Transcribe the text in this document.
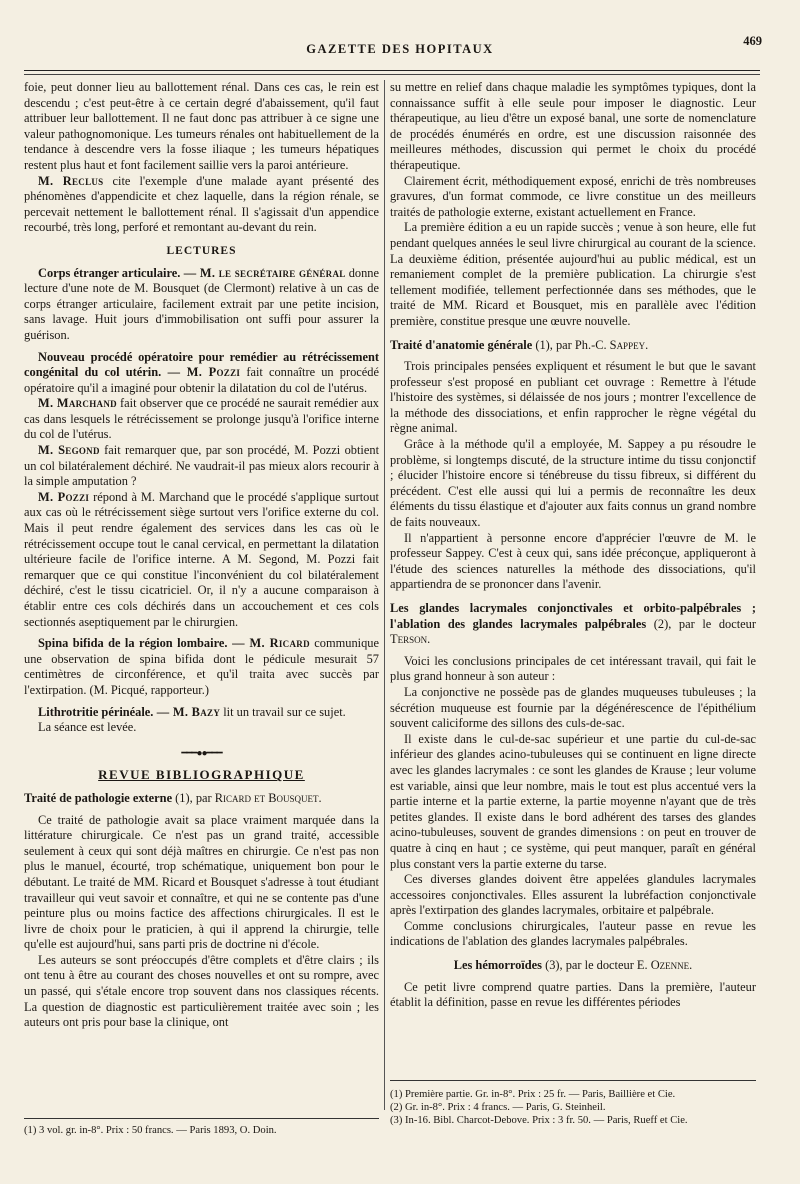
GAZETTE DES HOPITAUX
469

foie, peut donner lieu au ballottement rénal. Dans ces cas, le rein est descendu ; c'est peut-être à ce certain degré d'abaissement, qu'il faut attribuer leur ballottement. Il ne faut donc pas attribuer à ce signe une valeur pathognomonique. Les tumeurs rénales ont habituellement de la tendance à descendre vers la fosse iliaque ; les tumeurs hépatiques restent plus haut et font facilement saillie vers la paroi antérieure.

M. Reclus cite l'exemple d'une malade ayant présenté des phénomènes d'appendicite et chez laquelle, dans la région rénale, se percevait nettement le ballottement rénal. Il s'agissait d'un appendice recourbé, très long, perforé et remontant au-devant du rein.

LECTURES

Corps étranger articulaire. — M. le secrétaire général donne lecture d'une note de M. Bousquet (de Clermont) relative à un cas de corps étranger articulaire, facilement extrait par une petite incision, sans lavage. Huit jours d'immobilisation ont suffi pour assurer la guérison.

Nouveau procédé opératoire pour remédier au rétrécissement congénital du col utérin. — M. Pozzi fait connaître un procédé opératoire qu'il a imaginé pour obtenir la dilatation du col de l'utérus.

M. Marchand fait observer que ce procédé ne saurait remédier aux cas dans lesquels le rétrécissement se prolonge jusqu'à l'orifice interne du col de l'utérus.

M. Segond fait remarquer que, par son procédé, M. Pozzi obtient un col bilatéralement déchiré. Ne vaudrait-il pas mieux alors recourir à la simple amputation ?

M. Pozzi répond à M. Marchand que le procédé s'applique surtout aux cas où le rétrécissement siège surtout vers l'orifice externe du col. Mais il peut rendre également des services dans les cas où le rétrécissement occupe tout le canal cervical, en permettant la dilatation ultérieure facile de l'orifice interne. A M. Segond, M. Pozzi fait remarquer que ce qui constitue l'inconvénient du col bilatéralement déchiré, c'est le tissu cicatriciel. Or, il n'y a aucune comparaison à établir entre ces cols déchirés dans un accouchement et ces cols sectionnés aseptiquement par le chirurgien.

Spina bifida de la région lombaire. — M. Ricard communique une observation de spina bifida dont le pédicule mesurait 57 centimètres de circonférence, et qu'il traita avec succès par l'extirpation. (M. Picqué, rapporteur.)

Lithrotritie périnéale. — M. Bazy lit un travail sur ce sujet.

La séance est levée.

━━━●●━━━
REVUE BIBLIOGRAPHIQUE

Traité de pathologie externe (1), par Ricard et Bousquet.

Ce traité de pathologie avait sa place vraiment marquée dans la littérature chirurgicale. Ce n'est pas un grand traité, accessible seulement à ceux qui sont déjà maîtres en chirurgie. Ce n'est pas non plus le manuel, écourté, trop schématique, uniquement bon pour le débutant. Le traité de MM. Ricard et Bousquet s'adresse à tout étudiant travailleur qui veut savoir et connaître, et qui ne se contente pas d'une peinture plus ou moins factice des affections chirurgicales. Il est le livre de choix pour le praticien, à qui il apprend la chirurgie, telle qu'elle est aujourd'hui, sans parti pris de doctrine ni d'école.

Les auteurs se sont préoccupés d'être complets et d'être clairs ; ils ont tenu à être au courant des choses nouvelles et ont su rompre, avec un passé, qui s'étale encore trop souvent dans nos classiques récents. La question de diagnostic est particulièrement traitée avec soin ; les auteurs ont pris pour base la clinique, ont

(1) 3 vol. gr. in-8°. Prix : 50 francs. — Paris 1893, O. Doin.

su mettre en relief dans chaque maladie les symptômes typiques, dont la connaissance suffit à elle seule pour imposer le diagnostic. Leur thérapeutique, au lieu d'être un exposé banal, une sorte de nomenclature de procédés énumérés en ordre, est une discussion raisonnée des meilleures méthodes, discussion qui permet le choix du procédé thérapeutique.

Clairement écrit, méthodiquement exposé, enrichi de très nombreuses gravures, d'un format commode, ce livre constitue un des meilleurs traités de pathologie externe, existant actuellement en France.

La première édition a eu un rapide succès ; venue à son heure, elle fut pendant quelques années le seul livre chirurgical au courant de la science. La deuxième édition, présentée aujourd'hui au public médical, est un remaniement complet de la première publication. La chirurgie s'est tellement modifiée, tellement perfectionnée dans ses méthodes, que le traité de MM. Ricard et Bousquet, mis en parallèle avec l'édition première, constitue presque une œuvre nouvelle.

Traité d'anatomie générale (1), par Ph.-C. Sappey.

Trois principales pensées expliquent et résument le but que le savant professeur s'est proposé en publiant cet ouvrage : Remettre à l'étude l'histoire des systèmes, si délaissée de nos jours ; montrer l'excellence de la méthode des dissociations, et enfin rapprocher le règne végétal du règne animal.

Grâce à la méthode qu'il a employée, M. Sappey a pu résoudre le problème, si longtemps discuté, de la structure intime du tissu conjonctif ; élucider l'histoire encore si ténébreuse du tissu fibreux, si différent du précédent. C'est elle aussi qui lui a permis de reconnaître les deux éléments du tissu élastique et d'ajouter aux faits connus un grand nombre de faits nouveaux.

Il n'appartient à personne encore d'apprécier l'œuvre de M. le professeur Sappey. C'est à ceux qui, sans idée préconçue, appliqueront à l'étude des sciences naturelles la méthode des dissociations, qu'il appartiendra de se prononcer dans l'avenir.

Les glandes lacrymales conjonctivales et orbito-palpébrales ; l'ablation des glandes lacrymales palpébrales (2), par le docteur Terson.

Voici les conclusions principales de cet intéressant travail, qui fait le plus grand honneur à son auteur :

La conjonctive ne possède pas de glandes muqueuses tubuleuses ; la sécrétion muqueuse est fournie par la dégénérescence de l'épithélium souvent caliciforme des sillons des culs-de-sac.

Il existe dans le cul-de-sac supérieur et une partie du cul-de-sac inférieur des glandes acino-tubuleuses qui se continuent en ligne directe avec les glandes lacrymales : ce sont les glandes de Krause ; leur volume est variable, ainsi que leur nombre, mais le tout est plus accentué vers la partie interne et la partie externe, la partie moyenne n'ayant que de très petites glandes. Il existe dans le bord adhérent des tarses des glandes acino-tubuleuses, souvent de grandes dimensions : on peut en trouver de quatre à cinq en haut ; ce système, qui peut manquer, paraît en général plus constant vers la partie externe du tarse.

Ces diverses glandes doivent être appelées glandules lacrymales accessoires conjonctivales. Elles assurent la lubréfaction conjonctivale après l'extirpation des glandes lacrymales, orbitaire et palpébrale.

Comme conclusions chirurgicales, l'auteur passe en revue les indications de l'ablation des glandes lacrymales palpébrales.

Les hémorroïdes (3), par le docteur E. Ozenne.

Ce petit livre comprend quatre parties. Dans la première, l'auteur établit la définition, passe en revue les différentes périodes

(1) Première partie. Gr. in-8°. Prix : 25 fr. — Paris, Baillière et Cie.
(2) Gr. in-8°. Prix : 4 francs. — Paris, G. Steinheil.
(3) In-16. Bibl. Charcot-Debove. Prix : 3 fr. 50. — Paris, Rueff et Cie.
